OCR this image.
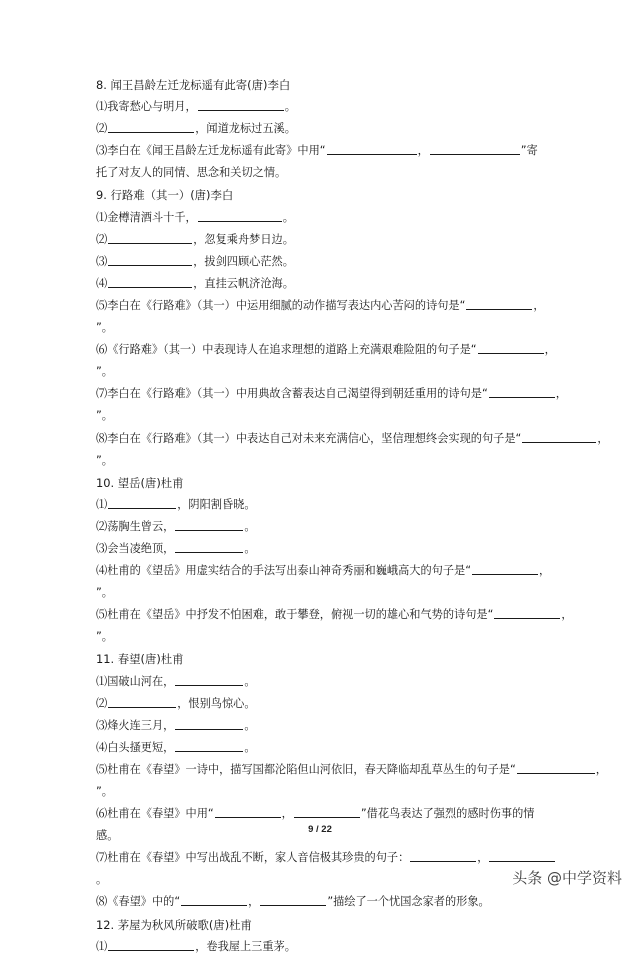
8. 闻王昌龄左迁龙标遥有此寄(唐)李白
⑴我寄愁心与明月，	。
⑵	，闻道龙标过五溪。
⑶李白在《闻王昌龄左迁龙标遥有此寄》中用“	，	”寄
托了对友人的同情、思念和关切之情。
9. 行路难（其一）(唐)李白
⑴金樽清酒斗十千，	。
⑵	，忽复乘舟梦日边。
⑶	，拔剑四顾心茫然。
⑷	，直挂云帆济沧海。
⑸李白在《行路难》（其一）中运用细腻的动作描写表达内心苦闷的诗句是“	，
”。
⑹《行路难》（其一）中表现诗人在追求理想的道路上充满艰难险阻的句子是“	，
”。
⑺李白在《行路难》（其一）中用典故含蓄表达自己渴望得到朝廷重用的诗句是“	，
”。
⑻李白在《行路难》（其一）中表达自己对未来充满信心，坚信理想终会实现的句子是“	，
”。
10. 望岳(唐)杜甫
⑴	，阴阳割昏晓。
⑵荡胸生曾云，	。
⑶会当凌绝顶，	。
⑷杜甫的《望岳》用虚实结合的手法写出泰山神奇秀丽和巍峨高大的句子是“	，
”。
⑸杜甫在《望岳》中抒发不怕困难，敢于攀登，俯视一切的雄心和气势的诗句是“	，
”。
11. 春望(唐)杜甫
⑴国破山河在，	。
⑵	，恨别鸟惊心。
⑶烽火连三月，	。
⑷白头搔更短，	。
⑸杜甫在《春望》一诗中，描写国都沦陷但山河依旧，春天降临却乱草丛生的句子是“	，
”。
⑹杜甫在《春望》中用“	，	”借花鸟表达了强烈的感时伤事的情
感。
⑺杜甫在《春望》中写出战乱不断，家人音信极其珍贵的句子：	，
。
⑻《春望》中的“	，	”描绘了一个忧国念家者的形象。
12. 茅屋为秋风所破歌(唐)杜甫
⑴	，卷我屋上三重茅。
9 / 22
头条 @中学资料
